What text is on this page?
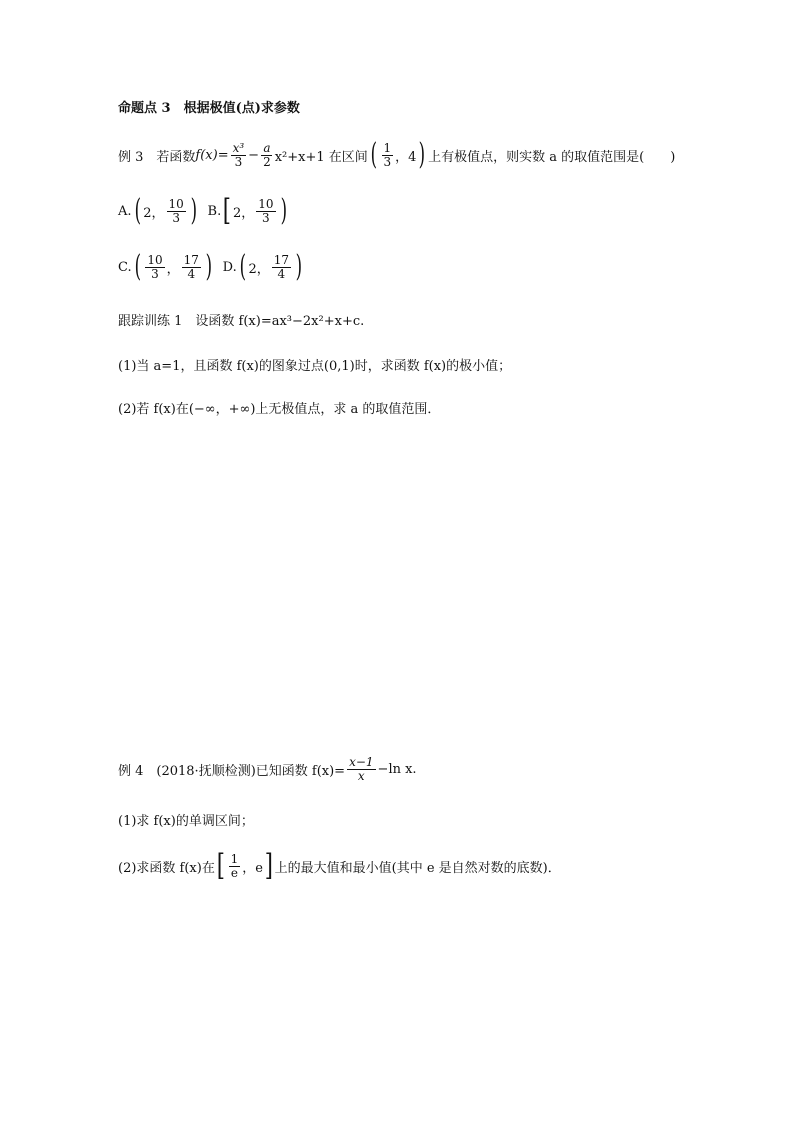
命题点 3　根据极值(点)求参数
例 3　若函数 $f(x)= \frac{\text{x³}}{3} - \frac{a}{2} x^2+x+1$ 在区间 ( $\frac{1}{3}$ ，4 ) 上有极值点，则实数 a 的取值范围是(　　)
A. ( 2， $\frac{10}{3}$ ) B. [ 2， $\frac{10}{3}$ )
C. ( $\frac{10}{3}$ ， $\frac{17}{4}$ ) D. ( 2， $\frac{17}{4}$ )
跟踪训练 1　设函数 f(x)=ax³−2x²+x+c.
(1)当 a=1，且函数 f(x)的图象过点(0,1)时，求函数 f(x)的极小值；
(2)若 f(x)在(−∞，+∞)上无极值点，求 a 的取值范围．
例 4　(2018·抚顺检测)已知函数 $f(x)= \frac{x-1}{x} -\ln$ x.
(1)求 f(x)的单调区间；
(2)求函数 f(x)在 [ $\frac{1}{e}$ ，e ] 上的最大值和最小值(其中 e 是自然对数的底数)．
